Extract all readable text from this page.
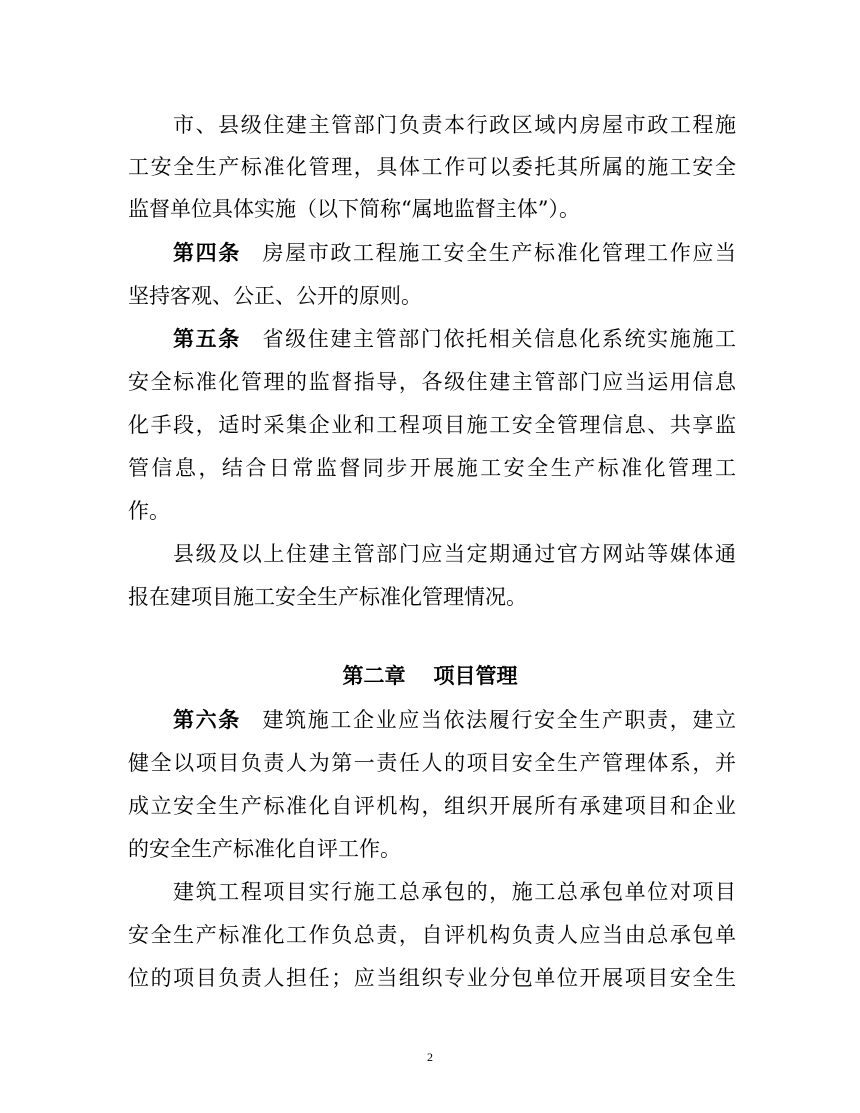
市、县级住建主管部门负责本行政区域内房屋市政工程施
工安全生产标准化管理，具体工作可以委托其所属的施工安全
监督单位具体实施（以下简称“属地监督主体”）。
第四条 房屋市政工程施工安全生产标准化管理工作应当
坚持客观、公正、公开的原则。
第五条 省级住建主管部门依托相关信息化系统实施施工
安全标准化管理的监督指导，各级住建主管部门应当运用信息
化手段，适时采集企业和工程项目施工安全管理信息、共享监
管信息，结合日常监督同步开展施工安全生产标准化管理工
作。
县级及以上住建主管部门应当定期通过官方网站等媒体通
报在建项目施工安全生产标准化管理情况。
第二章 项目管理
第六条 建筑施工企业应当依法履行安全生产职责，建立
健全以项目负责人为第一责任人的项目安全生产管理体系，并
成立安全生产标准化自评机构，组织开展所有承建项目和企业
的安全生产标准化自评工作。
建筑工程项目实行施工总承包的，施工总承包单位对项目
安全生产标准化工作负总责，自评机构负责人应当由总承包单
位的项目负责人担任；应当组织专业分包单位开展项目安全生
2
